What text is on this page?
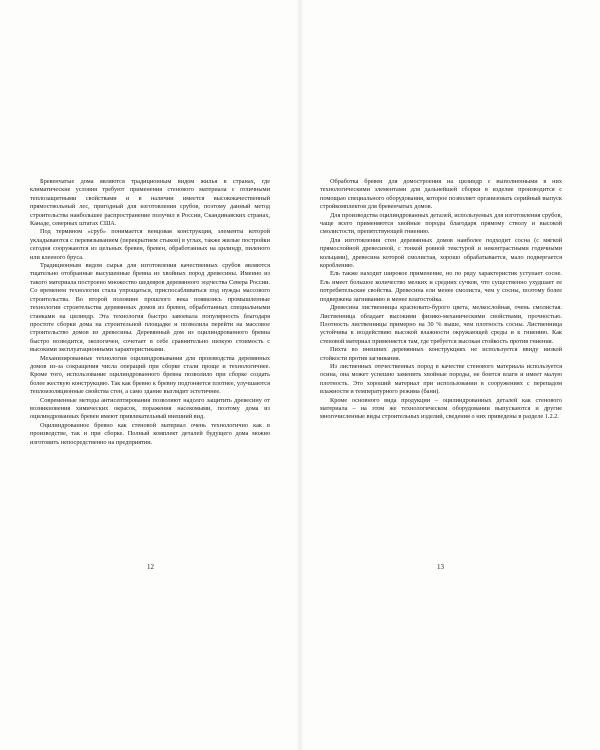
Бревенчатые дома являются традиционным видом жилья в странах, где климатические условия требуют применения стенового материала с отличными теплозащитными свойствами и в наличии имеется высококачественный прямоствольный лес, пригодный для изготовления срубов, поэтому данный метод строительства наибольшее распространение получил в России, Скандинавских странах, Канаде, северных штатах США.

Под термином «сруб» понимается венцовая конструкция, элементы которой укладываются с перевязыванием (перекрытием стыков) в углах, также жилые постройки сегодня сооружаются из цельных бревен, бревен, обработанных на цилиндр, пиленого или клееного бруса.

Традиционным видом сырья для изготовления качественных срубов являются тщательно отобранные высушенные бревна из хвойных пород древесины. Именно из такого материала построено множество шедевров деревянного зодчества Севера России. Со временем технология стала упрощаться, приспосабливаться под нужды массового строительства. Во второй половине прошлого века появились промышленные технологии строительства деревянных домов из бревен, обработанных специальными станками на цилиндр. Эта технология быстро завоевала популярность благодаря простоте сборки дома на строительной площадке и позволила перейти на массовое строительство домов из древесины. Деревянный дом из оцилиндрованного бревна быстро возводится, экологичен, сочетает в себе сравнительно низкую стоимость с высокими эксплуатационными характеристиками.

Механизированные технологии оцилиндровывания для производства деревянных домов из-за сокращения числа операций при сборке стали проще и технологичнее. Кроме того, использование оцилиндрованного бревна позволило при сборке создать более жесткую конструкцию. Так как бревно к бревну подгоняется плотнее, улучшаются теплоизоляционные свойства стен, а само здание выглядит эстетичнее.

Современные методы антисептирования позволяют надолго защитить древесину от возникновения химических окрасок, поражения насекомыми, поэтому дома из оцилиндрованных бревен имеют привлекательный внешний вид.

Оцилиндрованное бревно как стеновой материал очень технологично как в производстве, так и при сборке. Полный комплект деталей будущего дома можно изготовить непосредственно на предприятии.

12

Обработка бревен для домостроения на цилиндр с выполненными в них технологическими элементами для дальнейшей сборки в изделие производится с помощью специального оборудования, которое позволяет организовать серийный выпуск стройкомплектов для бревенчатых домов.

Для производства оцилиндрованных деталей, используемых для изготовления срубов, чаще всего применяются хвойные породы благодаря прямому стволу и высокой смолистости, препятствующей гниению.

Для изготовления стен деревянных домов наиболее подходит сосна (с мягкой прямослойной древесиной, с тонкой ровной текстурой и неконтрастными годичными кольцами), древесина которой смолистая, хорошо обрабатывается, мало подвергается короблению.

Ель также находит широкое применение, но по ряду характеристик уступает сосне. Ель имеет большое количество мелких и средних сучков, что существенно ухудшает ее потребительские свойства. Древесина ели менее смолиста, чем у сосны, поэтому более подвержена загниванию и менее влагостойка.

Древесина лиственницы красновато-бурого цвета, мелкослойная, очень смолистая. Лиственница обладает высокими физико-механическими свойствами, прочностью. Плотность лиственницы примерно на 30 % выше, чем плотность сосны. Лиственница устойчива к воздействию высокой влажности окружающей среды и к гниению. Как стеновой материал применяется там, где требуется высокая стойкость против гниения.

Пихта во внешних деревянных конструкциях не используется ввиду низкой стойкости против загнивания.

Из лиственных отечественных пород в качестве стенового материала используется осина, она может успешно заменить хвойные породы, не боится влаги и имеет малую плотность. Это хороший материал при использовании в сооружениях с перепадом влажности и температурного режима (бани).

Кроме основного вида продукции – оцилиндрованных деталей как стенового материала – на этом же технологическом оборудовании выпускаются и другие многочисленные виды строительных изделий, сведения о них приведены в разделе 1.2.2.

13
